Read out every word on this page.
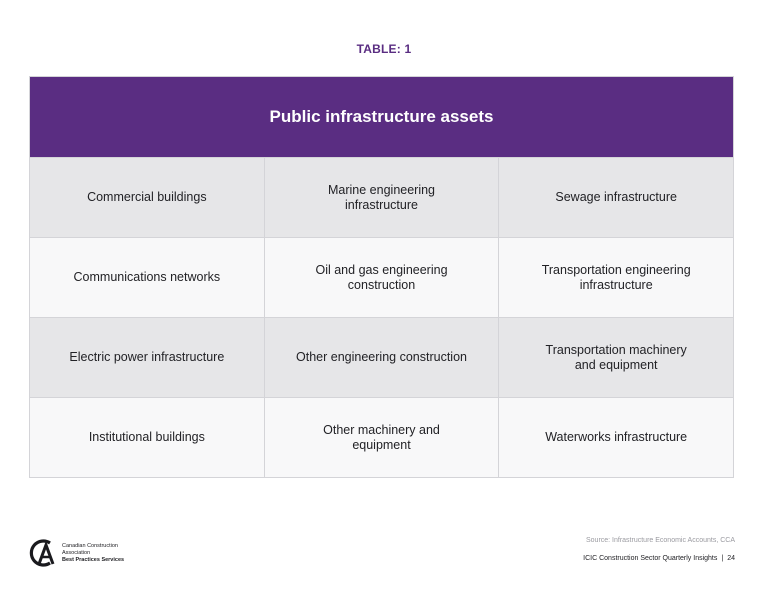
TABLE: 1
Public infrastructure assets
Commercial buildings
Marine engineering
infrastructure
Sewage infrastructure
Communications networks
Oil and gas engineering
construction
Transportation engineering
infrastructure
Electric power infrastructure	Other engineering construction
Transportation machinery
and equipment
Institutional buildings
Other machinery and equipment
Waterworks infrastructure
Canadian Construction
Association
Best Practices Services
Source: Infrastructure Economic Accounts, CCA
ICIC Construction Sector Quarterly Insights | 24
